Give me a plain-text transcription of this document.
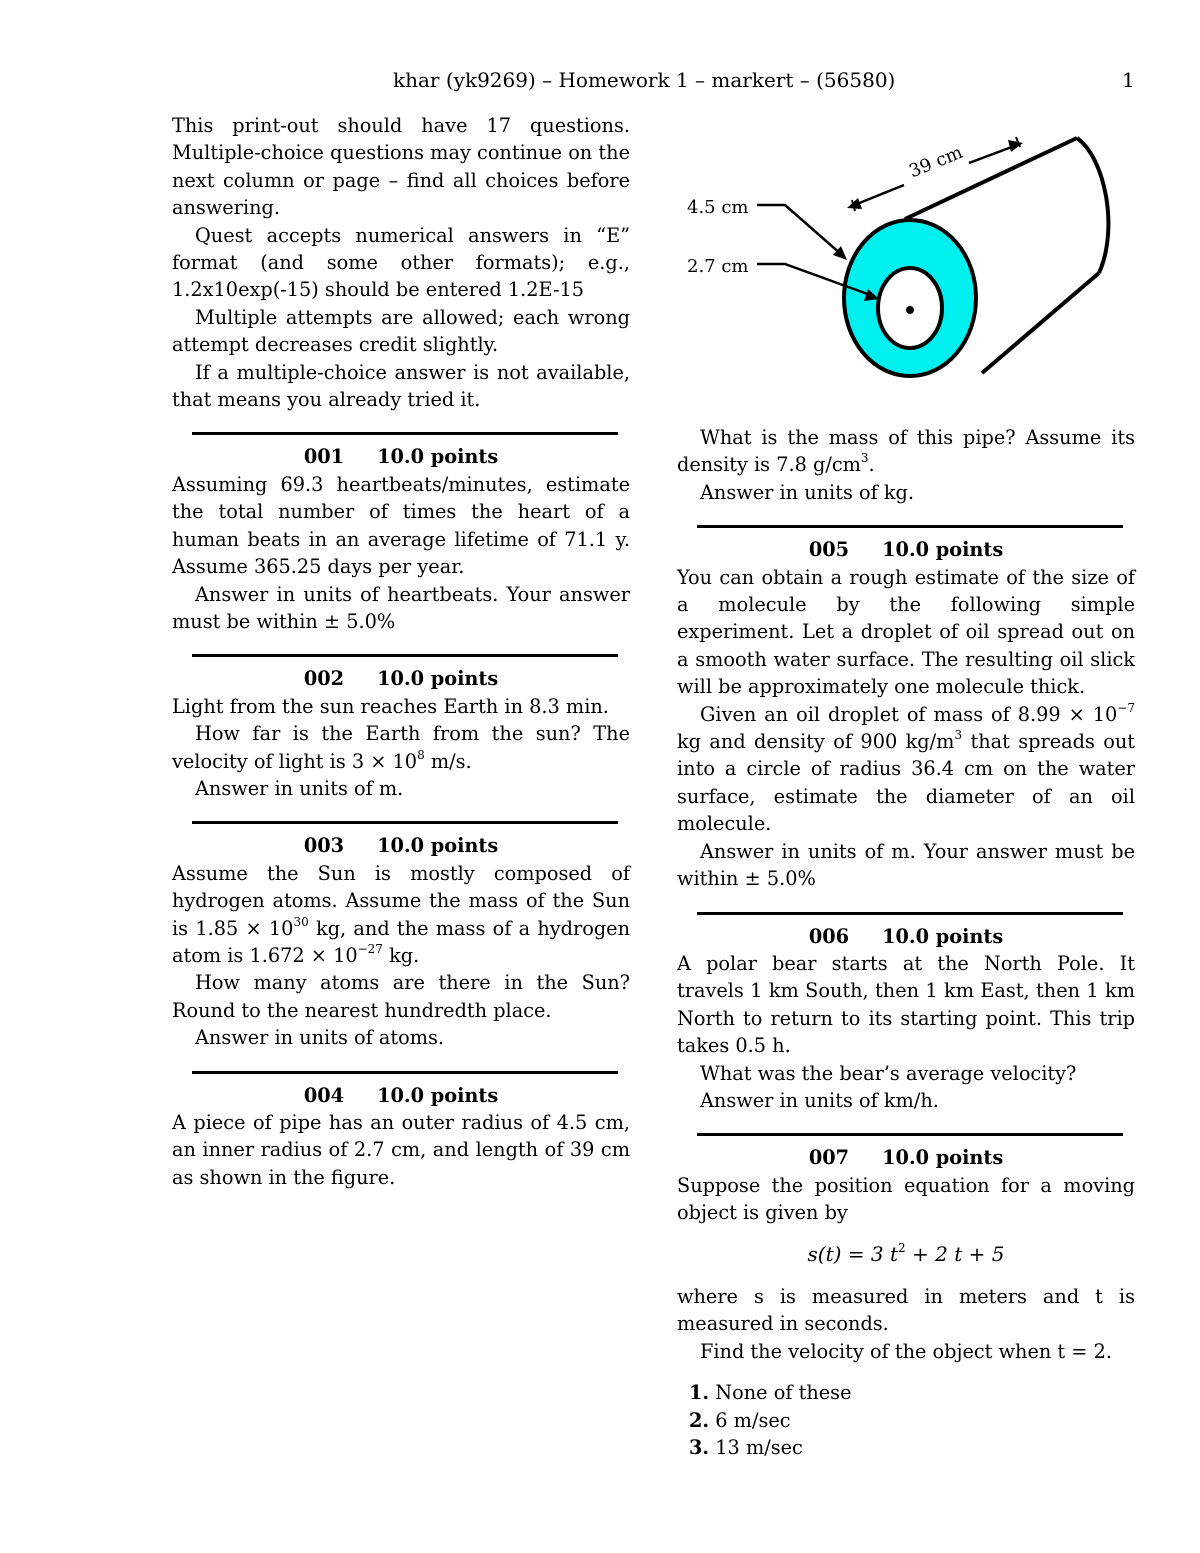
khar (yk9269) – Homework 1 – markert – (56580)	1

This print-out should have 17 questions. Multiple-choice questions may continue on the next column or page – find all choices before answering.

Quest accepts numerical answers in “E” format (and some other formats); e.g., 1.2x10exp(-15) should be entered 1.2E-15

Multiple attempts are allowed; each wrong attempt decreases credit slightly.

If a multiple-choice answer is not available, that means you already tried it.

001 10.0 points

Assuming 69.3 heartbeats/minutes, estimate the total number of times the heart of a human beats in an average lifetime of 71.1 y. Assume 365.25 days per year.

Answer in units of heartbeats. Your answer must be within ± 5.0%

002 10.0 points

Light from the sun reaches Earth in 8.3 min.

How far is the Earth from the sun? The velocity of light is $3 \times 10^8$ m/s.

Answer in units of m.

003 10.0 points

Assume the Sun is mostly composed of hydrogen atoms. Assume the mass of the Sun is $1.85 \times 10^{30}$ kg, and the mass of a hydrogen atom is $1.672 \times 10^{-27}$ kg.

How many atoms are there in the Sun? Round to the nearest hundredth place.

Answer in units of atoms.

004 10.0 points

A piece of pipe has an outer radius of 4.5 cm, an inner radius of 2.7 cm, and length of 39 cm as shown in the figure.

4.5 cm
2.7 cm
39 cm

What is the mass of this pipe? Assume its density is 7.8 $g/cm^3$.

Answer in units of kg.

005 10.0 points

You can obtain a rough estimate of the size of a molecule by the following simple experiment. Let a droplet of oil spread out on a smooth water surface. The resulting oil slick will be approximately one molecule thick.

Given an oil droplet of mass of $8.99 \times 10^{-7}$ kg and density of 900 $kg/m^3$ that spreads out into a circle of radius 36.4 cm on the water surface, estimate the diameter of an oil molecule.

Answer in units of m. Your answer must be within ± 5.0%

006 10.0 points

A polar bear starts at the North Pole. It travels 1 km South, then 1 km East, then 1 km North to return to its starting point. This trip takes 0.5 h.

What was the bear’s average velocity?

Answer in units of km/h.

007 10.0 points

Suppose the position equation for a moving object is given by

s(t) = 3 $t^2 + 2$ t + 5

where s is measured in meters and t is measured in seconds.

Find the velocity of the object when t = 2.

1. None of these
2. 6 m/sec
3. 13 m/sec
